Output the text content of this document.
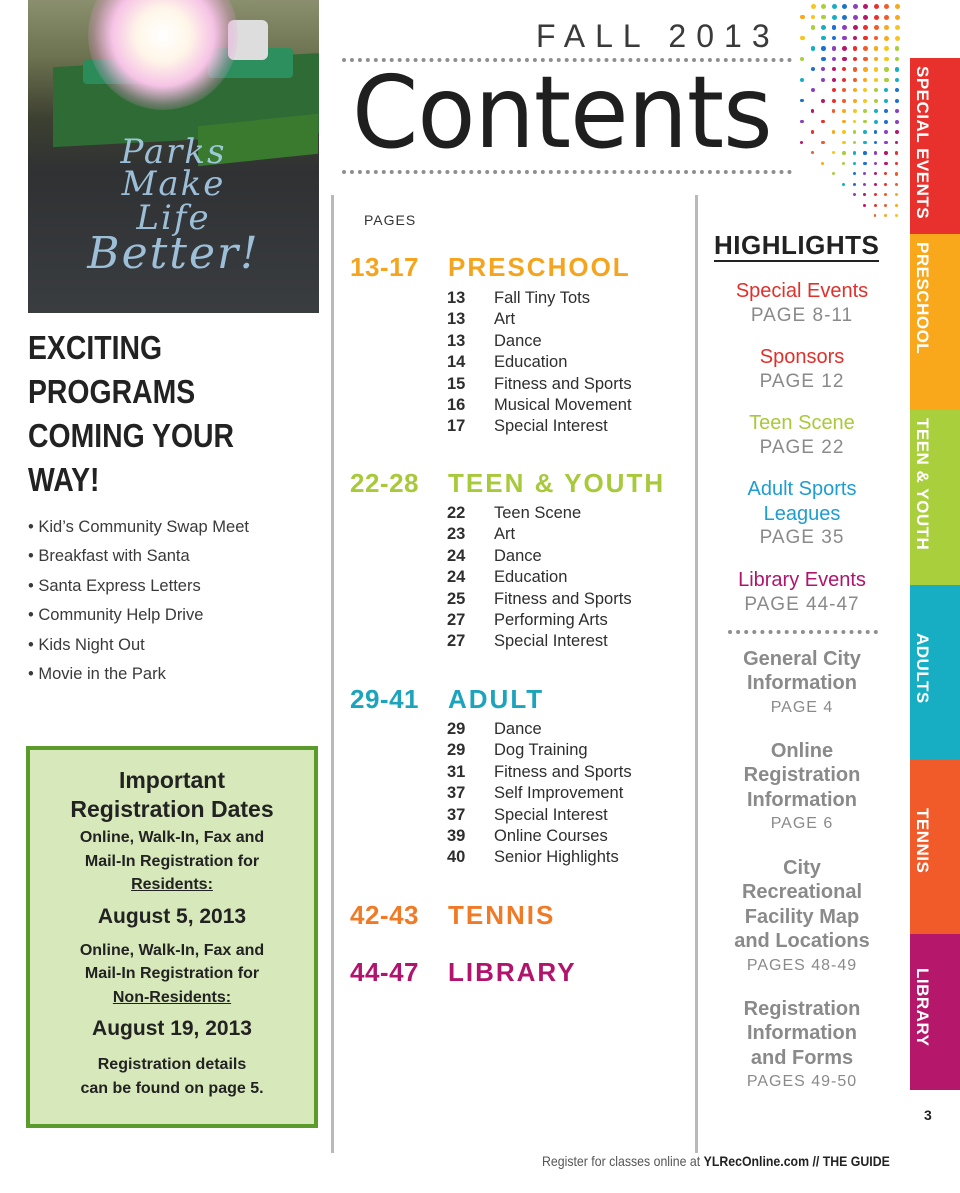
Parks
Make
Life
Better!
EXCITING
PROGRAMS
COMING YOUR
WAY!
• Kid’s Community Swap Meet
• Breakfast with Santa
• Santa Express Letters
• Community Help Drive
• Kids Night Out
• Movie in the Park
Important
Registration Dates
Online, Walk-In, Fax and
Mail-In Registration for
Residents:
August 5, 2013
Online, Walk-In, Fax and
Mail-In Registration for
Non-Residents:
August 19, 2013
Registration details
can be found on page 5.
FALL 2013
Contents
PAGES
13-17 PRESCHOOL
13 Fall Tiny Tots
13 Art
13 Dance
14 Education
15 Fitness and Sports
16 Musical Movement
17 Special Interest
22-28 TEEN & YOUTH
22 Teen Scene
23 Art
24 Dance
24 Education
25 Fitness and Sports
27 Performing Arts
27 Special Interest
29-41 ADULT
29 Dance
29 Dog Training
31 Fitness and Sports
37 Self Improvement
37 Special Interest
39 Online Courses
40 Senior Highlights
42-43 TENNIS
44-47 LIBRARY
HIGHLIGHTS
Special Events
PAGE 8-11
Sponsors
PAGE 12
Teen Scene
PAGE 22
Adult Sports
Leagues
PAGE 35
Library Events
PAGE 44-47
General City
Information
PAGE 4
Online
Registration
Information
PAGE 6
City
Recreational
Facility Map
and Locations
PAGES 48-49
Registration
Information
and Forms
PAGES 49-50
SPECIAL EVENTS
PRESCHOOL
TEEN & YOUTH
ADULTS
TENNIS
LIBRARY
3
Register for classes online at YLRecOnline.com // THE GUIDE
